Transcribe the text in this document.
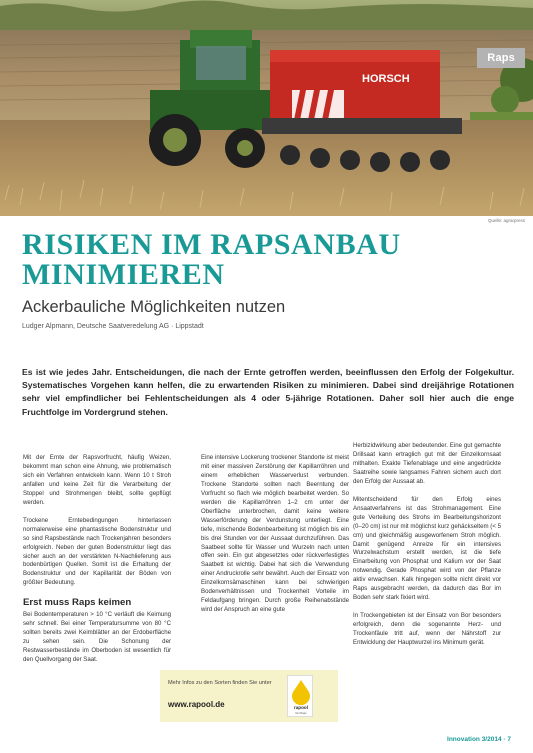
HORSCH
Raps
Quelle: agrarpress
RISIKEN IM RAPSANBAU MINIMIEREN
Ackerbauliche Möglichkeiten nutzen
Ludger Alpmann, Deutsche Saatveredelung AG · Lippstadt

Es ist wie jedes Jahr. Entscheidungen, die nach der Ernte getroffen werden, beeinflussen den Erfolg der Folgekultur. Systematisches Vorgehen kann helfen, die zu erwartenden Risiken zu minimieren. Dabei sind dreijährige Rotationen sehr viel empfindlicher bei Fehlentscheidungen als 4 oder 5-jährige Rotationen. Daher soll hier auch die enge Fruchtfolge im Vordergrund stehen.

Mit der Ernte der Rapsvorfrucht, häufig Weizen, bekommt man schon eine Ahnung, wie problematisch sich ein Verfahren entwickeln kann. Wenn 10 t Stroh anfallen und keine Zeit für die Verarbeitung der Stoppel und Strohmengen bleibt, sollte gepflügt werden.

Trockene Erntebedingungen hinterlassen normalerweise eine phantastische Bodenstruktur und so sind Rapsbestände nach Trockenjahren besonders erfolgreich. Neben der guten Bodenstruktur liegt das sicher auch an der verstärkten N-Nachlieferung aus bodenbürtigen Quellen. Somit ist die Erhaltung der Bodenstruktur und der Kapillarität der Böden von größter Bedeutung.

Erst muss Raps keimen

Bei Bodentemperaturen > 10 °C verläuft die Keimung sehr schnell. Bei einer Temperatursumme von 80 °C sollten bereits zwei Keimblätter an der Erdoberfläche zu sehen sein. Die Schonung der Restwasserbestände im Oberboden ist wesentlich für den Quellvorgang der Saat.

Eine intensive Lockerung trockener Standorte ist meist mit einer massiven Zerstörung der Kapillarröhren und einem erheblichen Wasserverlust verbunden. Trockene Standorte sollten nach Beerntung der Vorfrucht so flach wie möglich bearbeitet werden. So werden die Kapillarröhren 1–2 cm unter der Oberfläche unterbrochen, damit keine weitere Wasserförderung der Verdunstung unterliegt. Eine tiefe, mischende Bodenbearbeitung ist möglich bis ein bis drei Stunden vor der Aussaat durchzuführen. Das Saatbeet sollte für Wasser und Wurzeln nach unten offen sein. Ein gut abgesetztes oder rückverfestigtes Saatbett ist wichtig. Dabei hat sich die Verwendung einer Andruckrolle sehr bewährt. Auch der Einsatz von Einzelkornsämaschinen kann bei schwierigen Bodenverhältnissen und Trockenheit Vorteile im Feldaufgang bringen. Durch große Reihenabstände wird der Anspruch an eine gute

Herbizidwirkung aber bedeutender. Eine gut gemachte Drillsaat kann ertraglich gut mit der Einzelkornsaat mithalten. Exakte Tiefenablage und eine angedrückte Saatreihe sowie langsames Fahren sichern auch dort den Erfolg der Aussaat ab.

Mitentscheidend für den Erfolg eines Ansaatverfahrens ist das Strohmanagement. Eine gute Verteilung des Strohs im Bearbeitungshorizont (0–20 cm) ist nur mit möglichst kurz gehäckseltem (< 5 cm) und gleichmäßig ausgeworfenem Stroh möglich. Damit genügend Anreize für ein intensives Wurzelwachstum erstellt werden, ist die tiefe Einarbeitung von Phosphat und Kalium vor der Saat notwendig. Gerade Phosphat wird von der Pflanze aktiv erwachsen. Kalk hingegen sollte nicht direkt vor Raps ausgebracht werden, da dadurch das Bor im Boden sehr stark fixiert wird.

In Trockengebieten ist der Einsatz von Bor besonders erfolgreich, denn die sogenannte Herz- und Trockenfäule tritt auf, wenn der Nährstoff zur Entwicklung der Hauptwurzel ins Minimum gerät.

Mehr Infos zu den Sorten finden Sie unter
www.rapool.de	rapool
Der Raps
Innovation 3/2014 · 7
